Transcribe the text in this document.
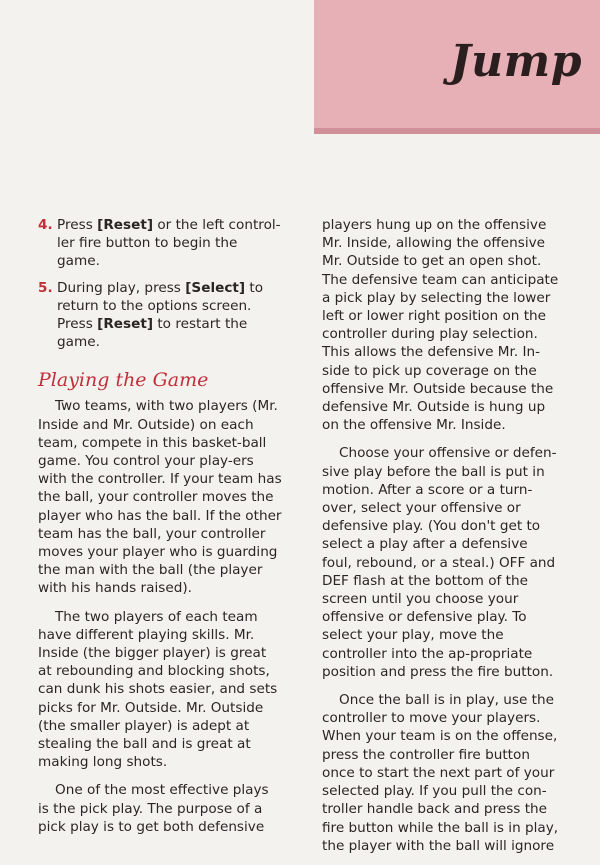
Jump
4. Press [Reset] or the left control-ler fire button to begin the game.
5. During play, press [Select] to return to the options screen. Press [Reset] to restart the game.
Playing the Game

Two teams, with two players (Mr. Inside and Mr. Outside) on each team, compete in this basket-ball game. You control your play-ers with the controller. If your team has the ball, your controller moves the player who has the ball. If the other team has the ball, your controller moves your player who is guarding the man with the ball (the player with his hands raised).

The two players of each team have different playing skills. Mr. Inside (the bigger player) is great at rebounding and blocking shots, can dunk his shots easier, and sets picks for Mr. Outside. Mr. Outside (the smaller player) is adept at stealing the ball and is great at making long shots.

One of the most effective plays is the pick play. The purpose of a pick play is to get both defensive

players hung up on the offensive Mr. Inside, allowing the offensive Mr. Outside to get an open shot. The defensive team can anticipate a pick play by selecting the lower left or lower right position on the controller during play selection. This allows the defensive Mr. In-side to pick up coverage on the offensive Mr. Outside because the defensive Mr. Outside is hung up on the offensive Mr. Inside.

Choose your offensive or defen-sive play before the ball is put in motion. After a score or a turn-over, select your offensive or defensive play. (You don't get to select a play after a defensive foul, rebound, or a steal.) OFF and DEF flash at the bottom of the screen until you choose your offensive or defensive play. To select your play, move the controller into the ap-propriate position and press the fire button.

Once the ball is in play, use the controller to move your players. When your team is on the offense, press the controller fire button once to start the next part of your selected play. If you pull the con-troller handle back and press the fire button while the ball is in play, the player with the ball will ignore
